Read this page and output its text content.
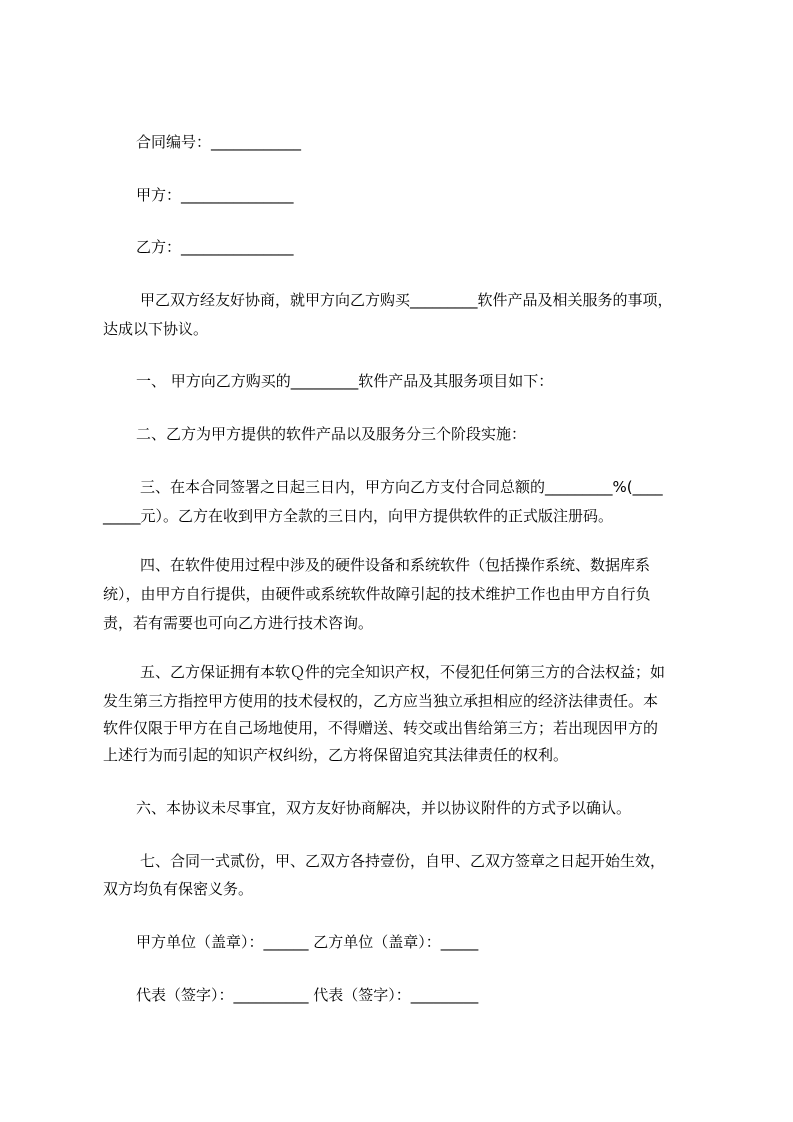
合同编号：____________

甲方：_______________

乙方：_______________

甲乙双方经友好协商，就甲方向乙方购买_________软件产品及相关服务的事项，

达成以下协议。

一、 甲方向乙方购买的_________软件产品及其服务项目如下：

二、乙方为甲方提供的软件产品以及服务分三个阶段实施：

三、在本合同签署之日起三日内，甲方向乙方支付合同总额的_________%(____

_____元）。乙方在收到甲方全款的三日内，向甲方提供软件的正式版注册码。

四、在软件使用过程中涉及的硬件设备和系统软件（包括操作系统、数据库系

统），由甲方自行提供，由硬件或系统软件故障引起的技术维护工作也由甲方自行负

责，若有需要也可向乙方进行技术咨询。

五、乙方保证拥有本软Ｑ件的完全知识产权，不侵犯任何第三方的合法权益；如

发生第三方指控甲方使用的技术侵权的，乙方应当独立承担相应的经济法律责任。本

软件仅限于甲方在自己场地使用，不得赠送、转交或出售给第三方；若出现因甲方的

上述行为而引起的知识产权纠纷，乙方将保留追究其法律责任的权利。

六、本协议未尽事宜，双方友好协商解决，并以协议附件的方式予以确认。

七、合同一式贰份，甲、乙双方各持壹份，自甲、乙双方签章之日起开始生效，

双方均负有保密义务。

甲方单位（盖章）：______ 乙方单位（盖章）：_____

代表（签字）：__________ 代表（签字）：_________
